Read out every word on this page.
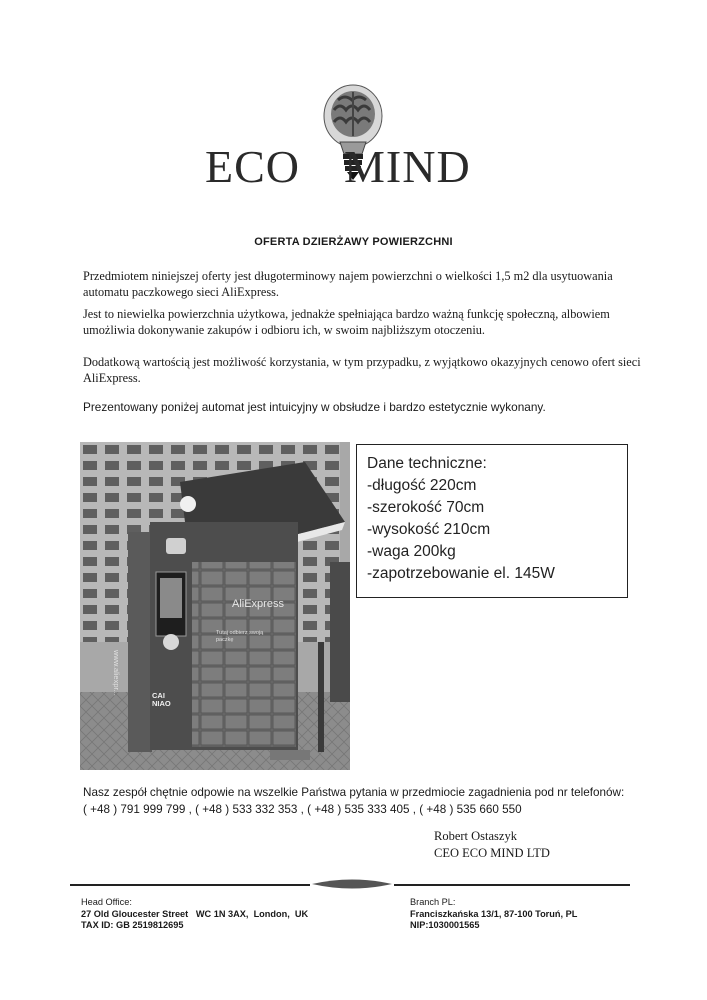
ECO MIND
OFERTA DZIERŻAWY POWIERZCHNI
Przedmiotem niniejszej oferty jest długoterminowy najem powierzchni o wielkości 1,5 m2 dla usytuowania automatu paczkowego sieci AliExpress.
Jest to niewielka powierzchnia użytkowa, jednakże spełniająca bardzo ważną funkcję społeczną, albowiem umożliwia dokonywanie zakupów i odbioru ich, w swoim najbliższym otoczeniu.
Dodatkową wartością jest możliwość korzystania, w tym przypadku, z wyjątkowo okazyjnych cenowo ofert sieci AliExpress.
Prezentowany poniżej automat jest intuicyjny w obsłudze i bardzo estetycznie wykonany.
AliExpress
Tutaj odbierz swoją paczkę
www.aliexpr...	CAI NIAO
Dane techniczne:
-długość 220cm
-szerokość 70cm
-wysokość 210cm
-waga 200kg
-zapotrzebowanie el. 145W
Nasz zespół chętnie odpowie na wszelkie Państwa pytania w przedmiocie zagadnienia pod nr telefonów:
( +48 ) 791 999 799 , ( +48 ) 533 332 353 , ( +48 ) 535 333 405 , ( +48 ) 535 660 550
Robert Ostaszyk
CEO ECO MIND LTD
Head Office:
27 Old Gloucester Street   WC 1N 3AX,  London,  UK
TAX ID: GB 2519812695
Branch PL:
Franciszkańska 13/1, 87-100 Toruń, PL
NIP:1030001565
